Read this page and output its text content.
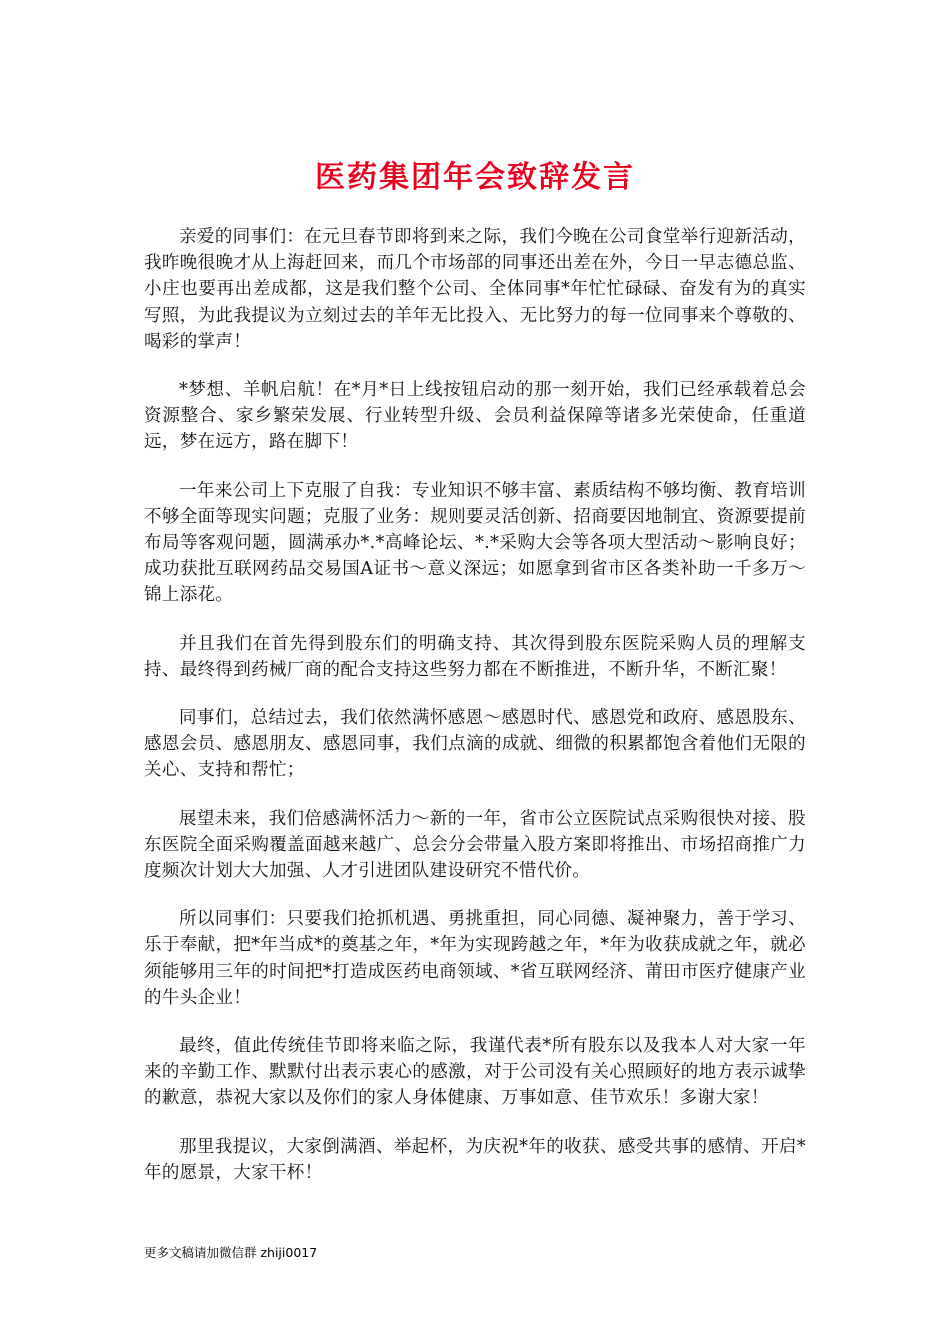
医药集团年会致辞发言

亲爱的同事们：在元旦春节即将到来之际，我们今晚在公司食堂举行迎新活动，我昨晚很晚才从上海赶回来，而几个市场部的同事还出差在外，今日一早志德总监、小庄也要再出差成都，这是我们整个公司、全体同事*年忙忙碌碌、奋发有为的真实写照，为此我提议为立刻过去的羊年无比投入、无比努力的每一位同事来个尊敬的、喝彩的掌声！

*梦想、羊帆启航！在*月*日上线按钮启动的那一刻开始，我们已经承载着总会资源整合、家乡繁荣发展、行业转型升级、会员利益保障等诸多光荣使命，任重道远，梦在远方，路在脚下！

一年来公司上下克服了自我：专业知识不够丰富、素质结构不够均衡、教育培训不够全面等现实问题；克服了业务：规则要灵活创新、招商要因地制宜、资源要提前布局等客观问题，圆满承办*.*高峰论坛、*.*采购大会等各项大型活动～影响良好；成功获批互联网药品交易国A证书～意义深远；如愿拿到省市区各类补助一千多万～锦上添花。

并且我们在首先得到股东们的明确支持、其次得到股东医院采购人员的理解支持、最终得到药械厂商的配合支持这些努力都在不断推进，不断升华，不断汇聚！

同事们，总结过去，我们依然满怀感恩～感恩时代、感恩党和政府、感恩股东、感恩会员、感恩朋友、感恩同事，我们点滴的成就、细微的积累都饱含着他们无限的关心、支持和帮忙；

展望未来，我们倍感满怀活力～新的一年，省市公立医院试点采购很快对接、股东医院全面采购覆盖面越来越广、总会分会带量入股方案即将推出、市场招商推广力度频次计划大大加强、人才引进团队建设研究不惜代价。

所以同事们：只要我们抢抓机遇、勇挑重担，同心同德、凝神聚力，善于学习、乐于奉献，把*年当成*的奠基之年，*年为实现跨越之年，*年为收获成就之年，就必须能够用三年的时间把*打造成医药电商领域、*省互联网经济、莆田市医疗健康产业的牛头企业！

最终，值此传统佳节即将来临之际，我谨代表*所有股东以及我本人对大家一年来的辛勤工作、默默付出表示衷心的感激，对于公司没有关心照顾好的地方表示诚挚的歉意，恭祝大家以及你们的家人身体健康、万事如意、佳节欢乐！多谢大家！

那里我提议，大家倒满酒、举起杯，为庆祝*年的收获、感受共事的感情、开启*年的愿景，大家干杯！

更多文稿请加微信群 zhiji0017
